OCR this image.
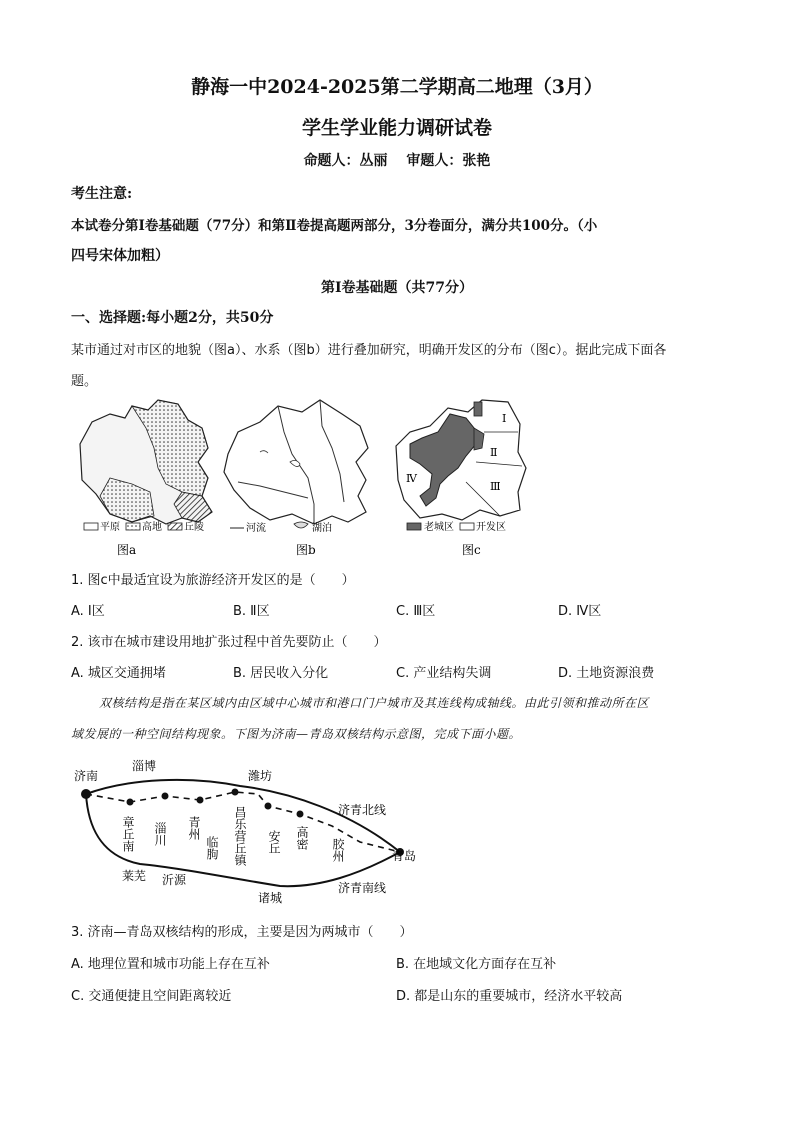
静海一中2024-2025第二学期高二地理（3月）
学生学业能力调研试卷
命题人：丛丽　 审题人：张艳
考生注意:
本试卷分第Ⅰ卷基础题（77分）和第Ⅱ卷提高题两部分，3分卷面分，满分共100分。（小
四号宋体加粗）
第Ⅰ卷基础题（共77分）
一、选择题:每小题2分，共50分
某市通过对市区的地貌（图a）、水系（图b）进行叠加研究，明确开发区的分布（图c）。据此完成下面各
题。
平原 高地 丘陵
图a
河流	湖泊
图b
Ⅰ
Ⅱ
Ⅲ
Ⅳ
老城区 开发区
图c
1. 图c中最适宜设为旅游经济开发区的是（　　）
A. Ⅰ区	B. Ⅱ区	C. Ⅲ区	D. Ⅳ区
2. 该市在城市建设用地扩张过程中首先要防止（　　）
A. 城区交通拥堵	B. 居民收入分化	C. 产业结构失调	D. 土地资源浪费
双核结构是指在某区域内由区域中心城市和港口门户城市及其连线构成轴线。由此引领和推动所在区
域发展的一种空间结构现象。下图为济南—青岛双核结构示意图，完成下面小题。
济南
淄博
潍坊
济青北线
青岛
济青南线
诸城
沂源
莱芜
章丘南 淄川 青州
临朐 昌乐营丘镇 安丘 高密 胶州
3. 济南—青岛双核结构的形成，主要是因为两城市（　　）
A. 地理位置和城市功能上存在互补	B. 在地域文化方面存在互补
C. 交通便捷且空间距离较近	D. 都是山东的重要城市，经济水平较高
